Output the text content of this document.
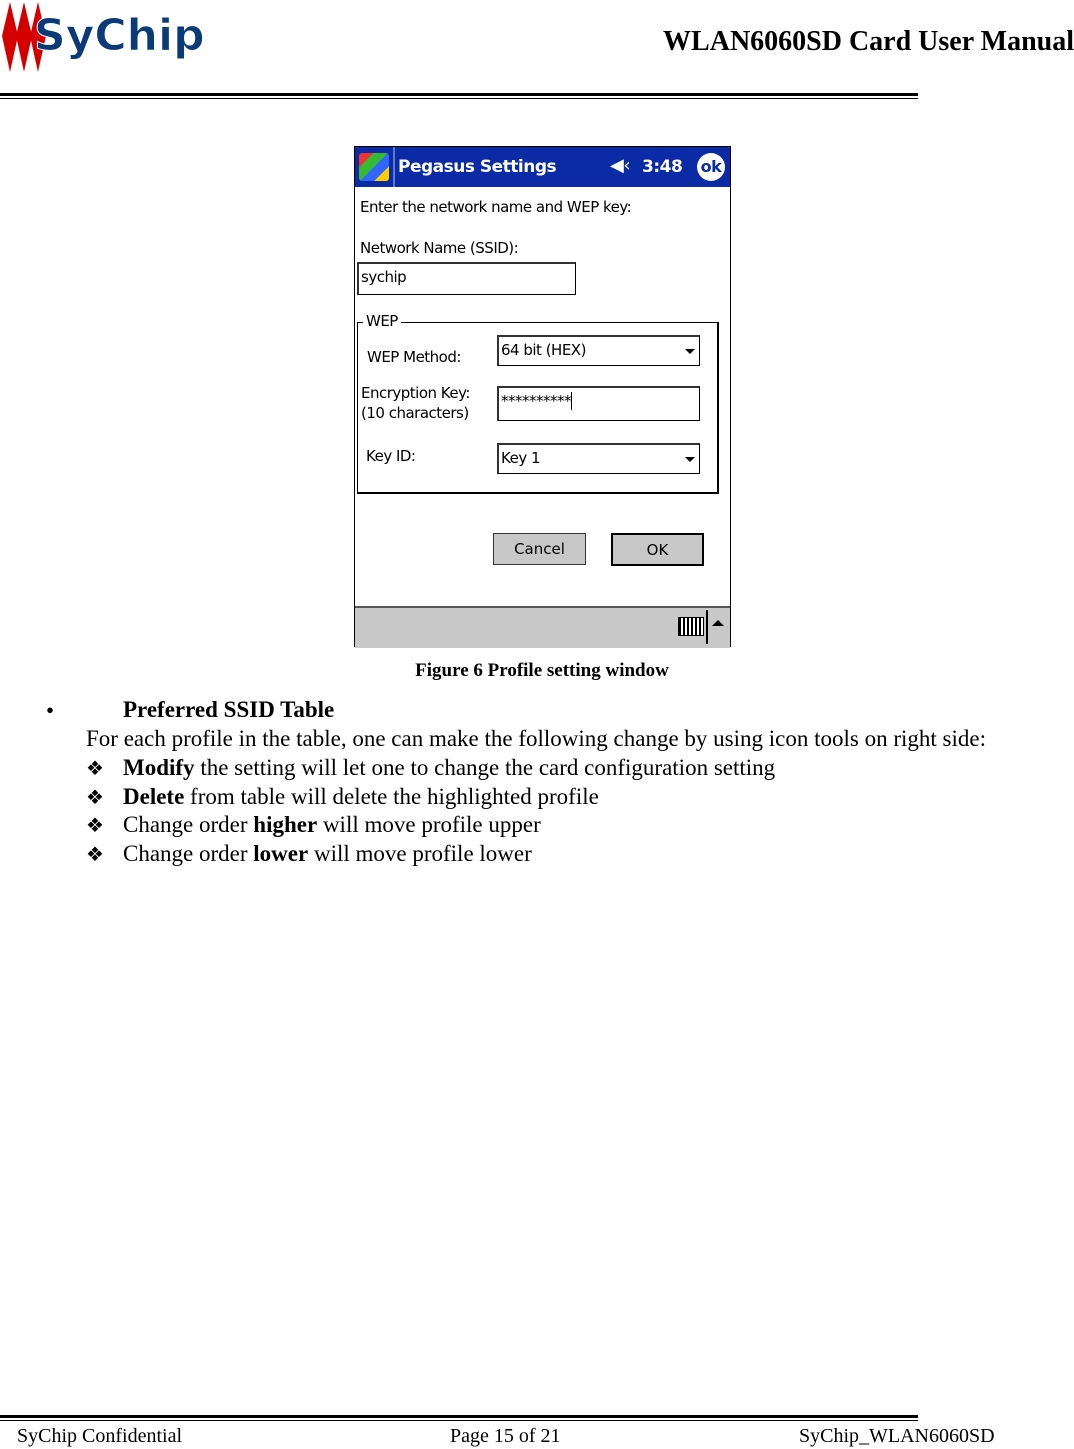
SyChip	WLAN6060SD Card User Manual
Pegasus Settings	◀‹ 3:48 ok
Enter the network name and WEP key:
Network Name (SSID):
sychip
WEP
WEP Method:	64 bit (HEX)
Encryption Key:
(10 characters)
**********
Key ID:	Key 1
Cancel	OK
Figure 6 Profile setting window
•	Preferred SSID Table
For each profile in the table, one can make the following change by using icon tools on right side:
❖ Modify the setting will let one to change the card configuration setting
❖ Delete from table will delete the highlighted profile
❖ Change order higher will move profile upper
❖ Change order lower will move profile lower
SyChip Confidential	Page 15 of 21	SyChip_WLAN6060SD
